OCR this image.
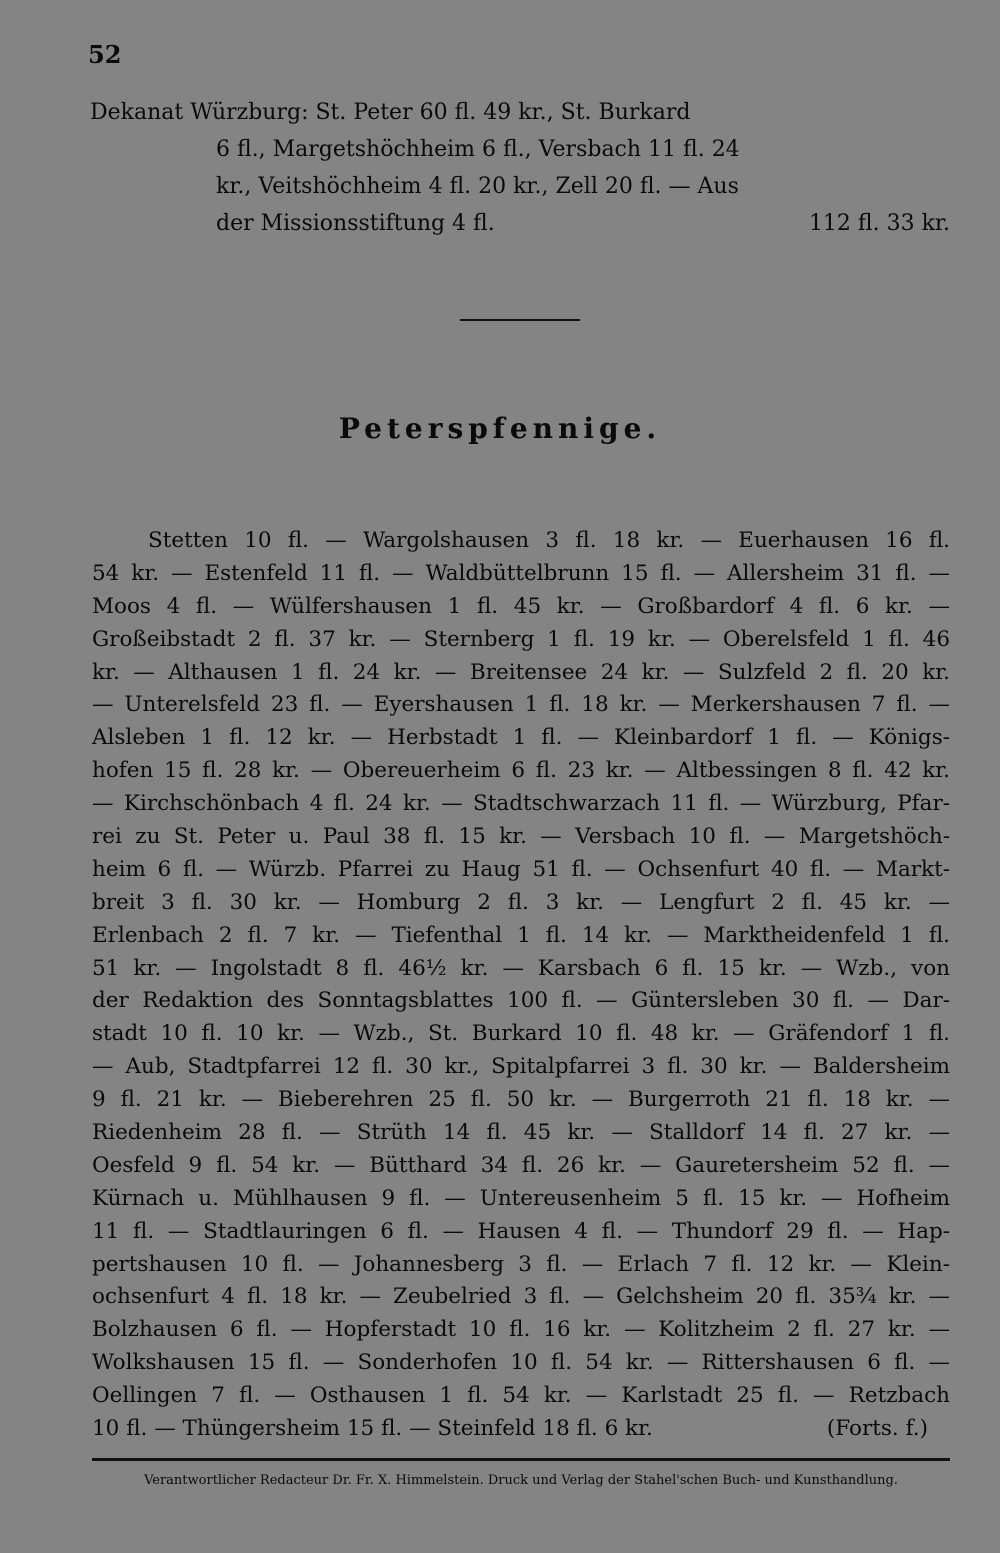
52
Dekanat Würzburg: St. Peter 60 fl. 49 kr., St. Burkard
6 fl., Margetshöchheim 6 fl., Versbach 11 fl. 24
kr., Veitshöchheim 4 fl. 20 kr., Zell 20 fl. — Aus
der Missionsstiftung 4 fl.	112 fl. 33 kr.
Peterspfennige.
Stetten 10 fl. — Wargolshausen 3 fl. 18 kr. — Euerhausen 16 fl.
54 kr. — Estenfeld 11 fl. — Waldbüttelbrunn 15 fl. — Allersheim 31 fl. —
Moos 4 fl. — Wülfershausen 1 fl. 45 kr. — Großbardorf 4 fl. 6 kr. —
Großeibstadt 2 fl. 37 kr. — Sternberg 1 fl. 19 kr. — Oberelsfeld 1 fl. 46
kr. — Althausen 1 fl. 24 kr. — Breitensee 24 kr. — Sulzfeld 2 fl. 20 kr.
— Unterelsfeld 23 fl. — Eyershausen 1 fl. 18 kr. — Merkershausen 7 fl. —
Alsleben 1 fl. 12 kr. — Herbstadt 1 fl. — Kleinbardorf 1 fl. — Königs-
hofen 15 fl. 28 kr. — Obereuerheim 6 fl. 23 kr. — Altbessingen 8 fl. 42 kr.
— Kirchschönbach 4 fl. 24 kr. — Stadtschwarzach 11 fl. — Würzburg, Pfar-
rei zu St. Peter u. Paul 38 fl. 15 kr. — Versbach 10 fl. — Margetshöch-
heim 6 fl. — Würzb. Pfarrei zu Haug 51 fl. — Ochsenfurt 40 fl. — Markt-
breit 3 fl. 30 kr. — Homburg 2 fl. 3 kr. — Lengfurt 2 fl. 45 kr. —
Erlenbach 2 fl. 7 kr. — Tiefenthal 1 fl. 14 kr. — Marktheidenfeld 1 fl.
51 kr. — Ingolstadt 8 fl. 46½ kr. — Karsbach 6 fl. 15 kr. — Wzb., von
der Redaktion des Sonntagsblattes 100 fl. — Güntersleben 30 fl. — Dar-
stadt 10 fl. 10 kr. — Wzb., St. Burkard 10 fl. 48 kr. — Gräfendorf 1 fl.
— Aub, Stadtpfarrei 12 fl. 30 kr., Spitalpfarrei 3 fl. 30 kr. — Baldersheim
9 fl. 21 kr. — Bieberehren 25 fl. 50 kr. — Burgerroth 21 fl. 18 kr. —
Riedenheim 28 fl. — Strüth 14 fl. 45 kr. — Stalldorf 14 fl. 27 kr. —
Oesfeld 9 fl. 54 kr. — Bütthard 34 fl. 26 kr. — Gauretersheim 52 fl. —
Kürnach u. Mühlhausen 9 fl. — Untereusenheim 5 fl. 15 kr. — Hofheim
11 fl. — Stadtlauringen 6 fl. — Hausen 4 fl. — Thundorf 29 fl. — Hap-
pertshausen 10 fl. — Johannesberg 3 fl. — Erlach 7 fl. 12 kr. — Klein-
ochsenfurt 4 fl. 18 kr. — Zeubelried 3 fl. — Gelchsheim 20 fl. 35¾ kr. —
Bolzhausen 6 fl. — Hopferstadt 10 fl. 16 kr. — Kolitzheim 2 fl. 27 kr. —
Wolkshausen 15 fl. — Sonderhofen 10 fl. 54 kr. — Rittershausen 6 fl. —
Oellingen 7 fl. — Osthausen 1 fl. 54 kr. — Karlstadt 25 fl. — Retzbach
10 fl. — Thüngersheim 15 fl. — Steinfeld 18 fl. 6 kr.	(Forts. f.)
Verantwortlicher Redacteur Dr. Fr. X. Himmelstein. Druck und Verlag der Stahel'schen Buch- und Kunsthandlung.
